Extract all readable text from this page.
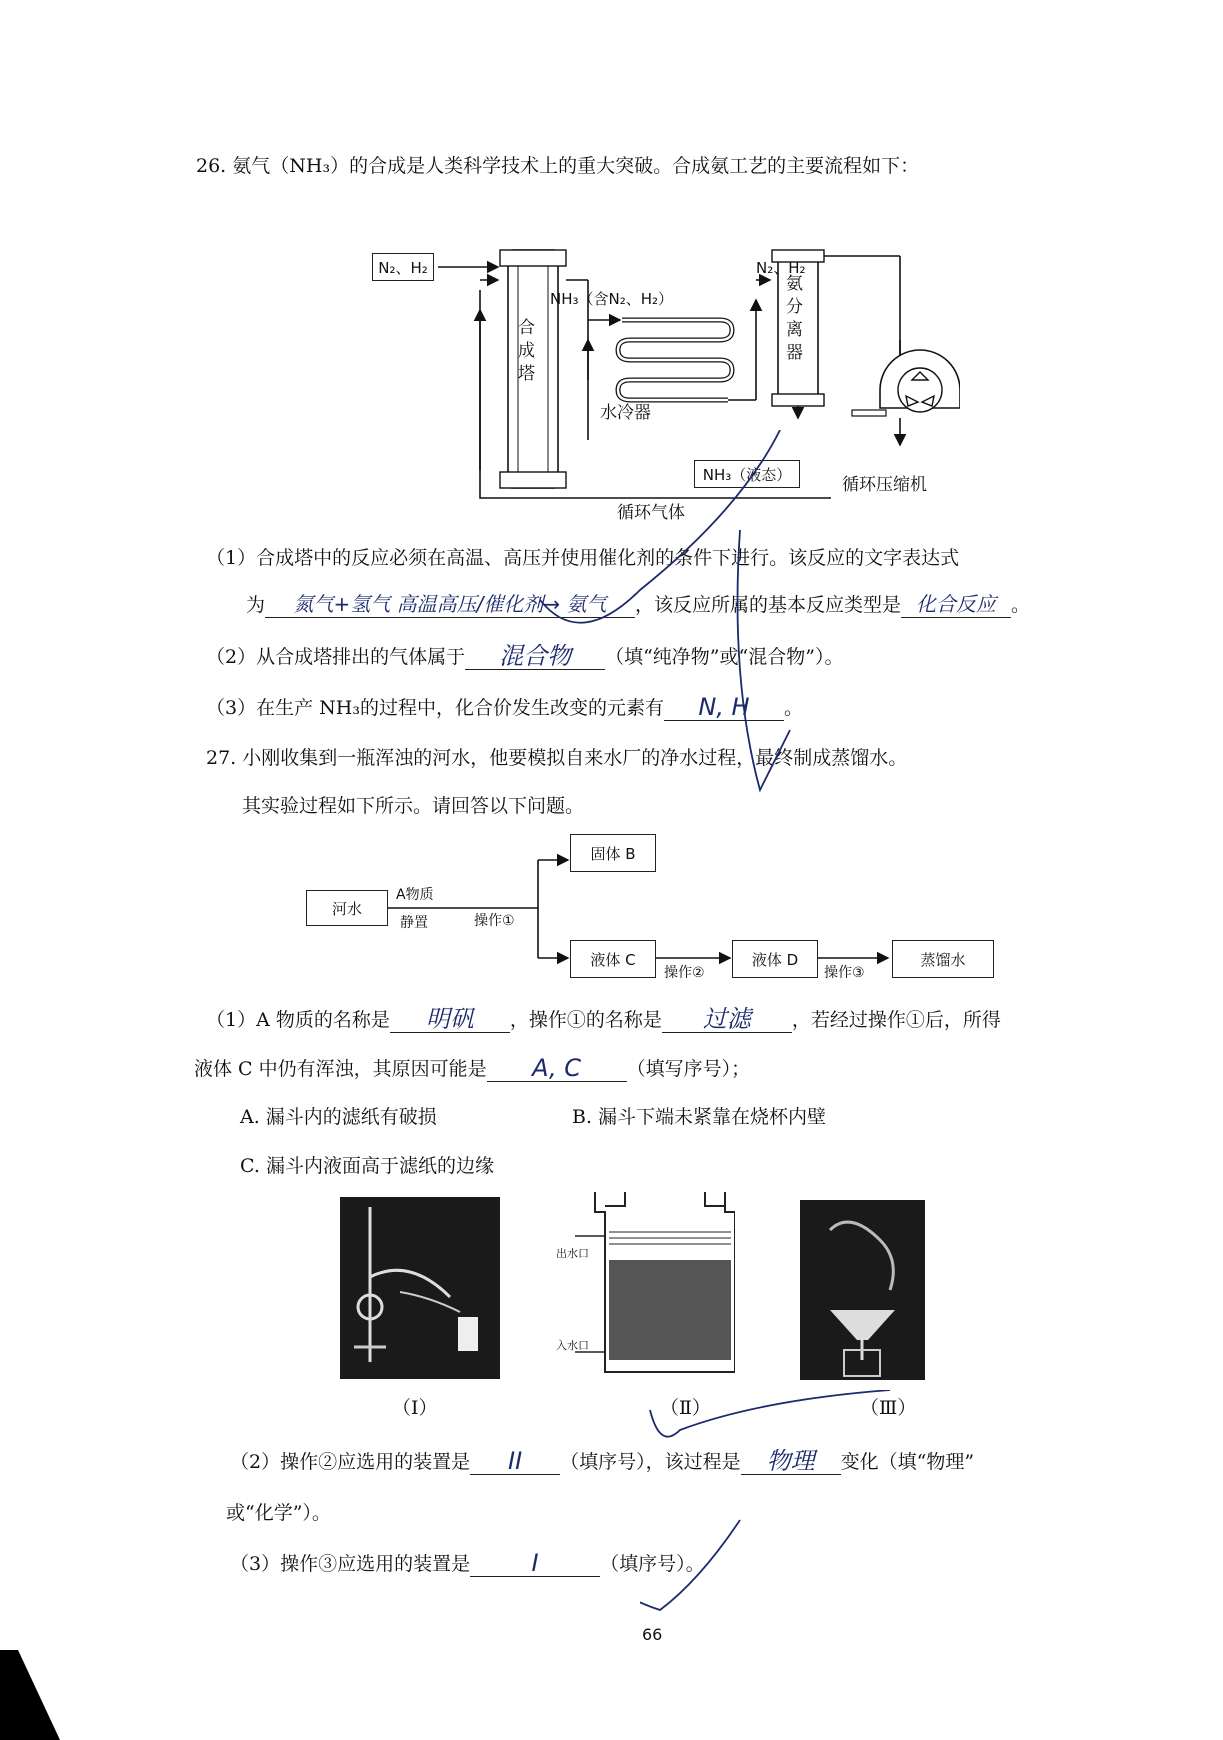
26. 氨气（NH₃）的合成是人类科学技术上的重大突破。合成氨工艺的主要流程如下：
N₂、H₂
合成塔
NH₃（含N₂、H₂）
水冷器
氨分离器
N₂、H₂
NH₃（液态）
循环压缩机
循环气体
（1）合成塔中的反应必须在高温、高压并使用催化剂的条件下进行。该反应的文字表达式
为 氮气+氢气 高温高压/催化剂→ 氨气 ，该反应所属的基本反应类型是 化合反应 。
（2）从合成塔排出的气体属于 混合物 （填“纯净物”或“混合物”）。
（3）在生产 NH₃的过程中，化合价发生改变的元素有 N, H 。
27. 小刚收集到一瓶浑浊的河水，他要模拟自来水厂的净水过程，最终制成蒸馏水。
其实验过程如下所示。请回答以下问题。
河水
A物质
静置	操作①
固体 B
液体 C
操作②
液体 D
操作③
蒸馏水
（1）A 物质的名称是 明矾 ，操作①的名称是 过滤 ，若经过操作①后，所得
液体 C 中仍有浑浊，其原因可能是 A, C （填写序号）；
A. 漏斗内的滤纸有破损	B. 漏斗下端未紧靠在烧杯内壁
C. 漏斗内液面高于滤纸的边缘
出水口
入水口
（Ⅰ）	（Ⅱ）	（Ⅲ）
（2）操作②应选用的装置是 II （填序号），该过程是 物理 变化（填“物理”
或“化学”）。
（3）操作③应选用的装置是	I	（填序号）。
66
